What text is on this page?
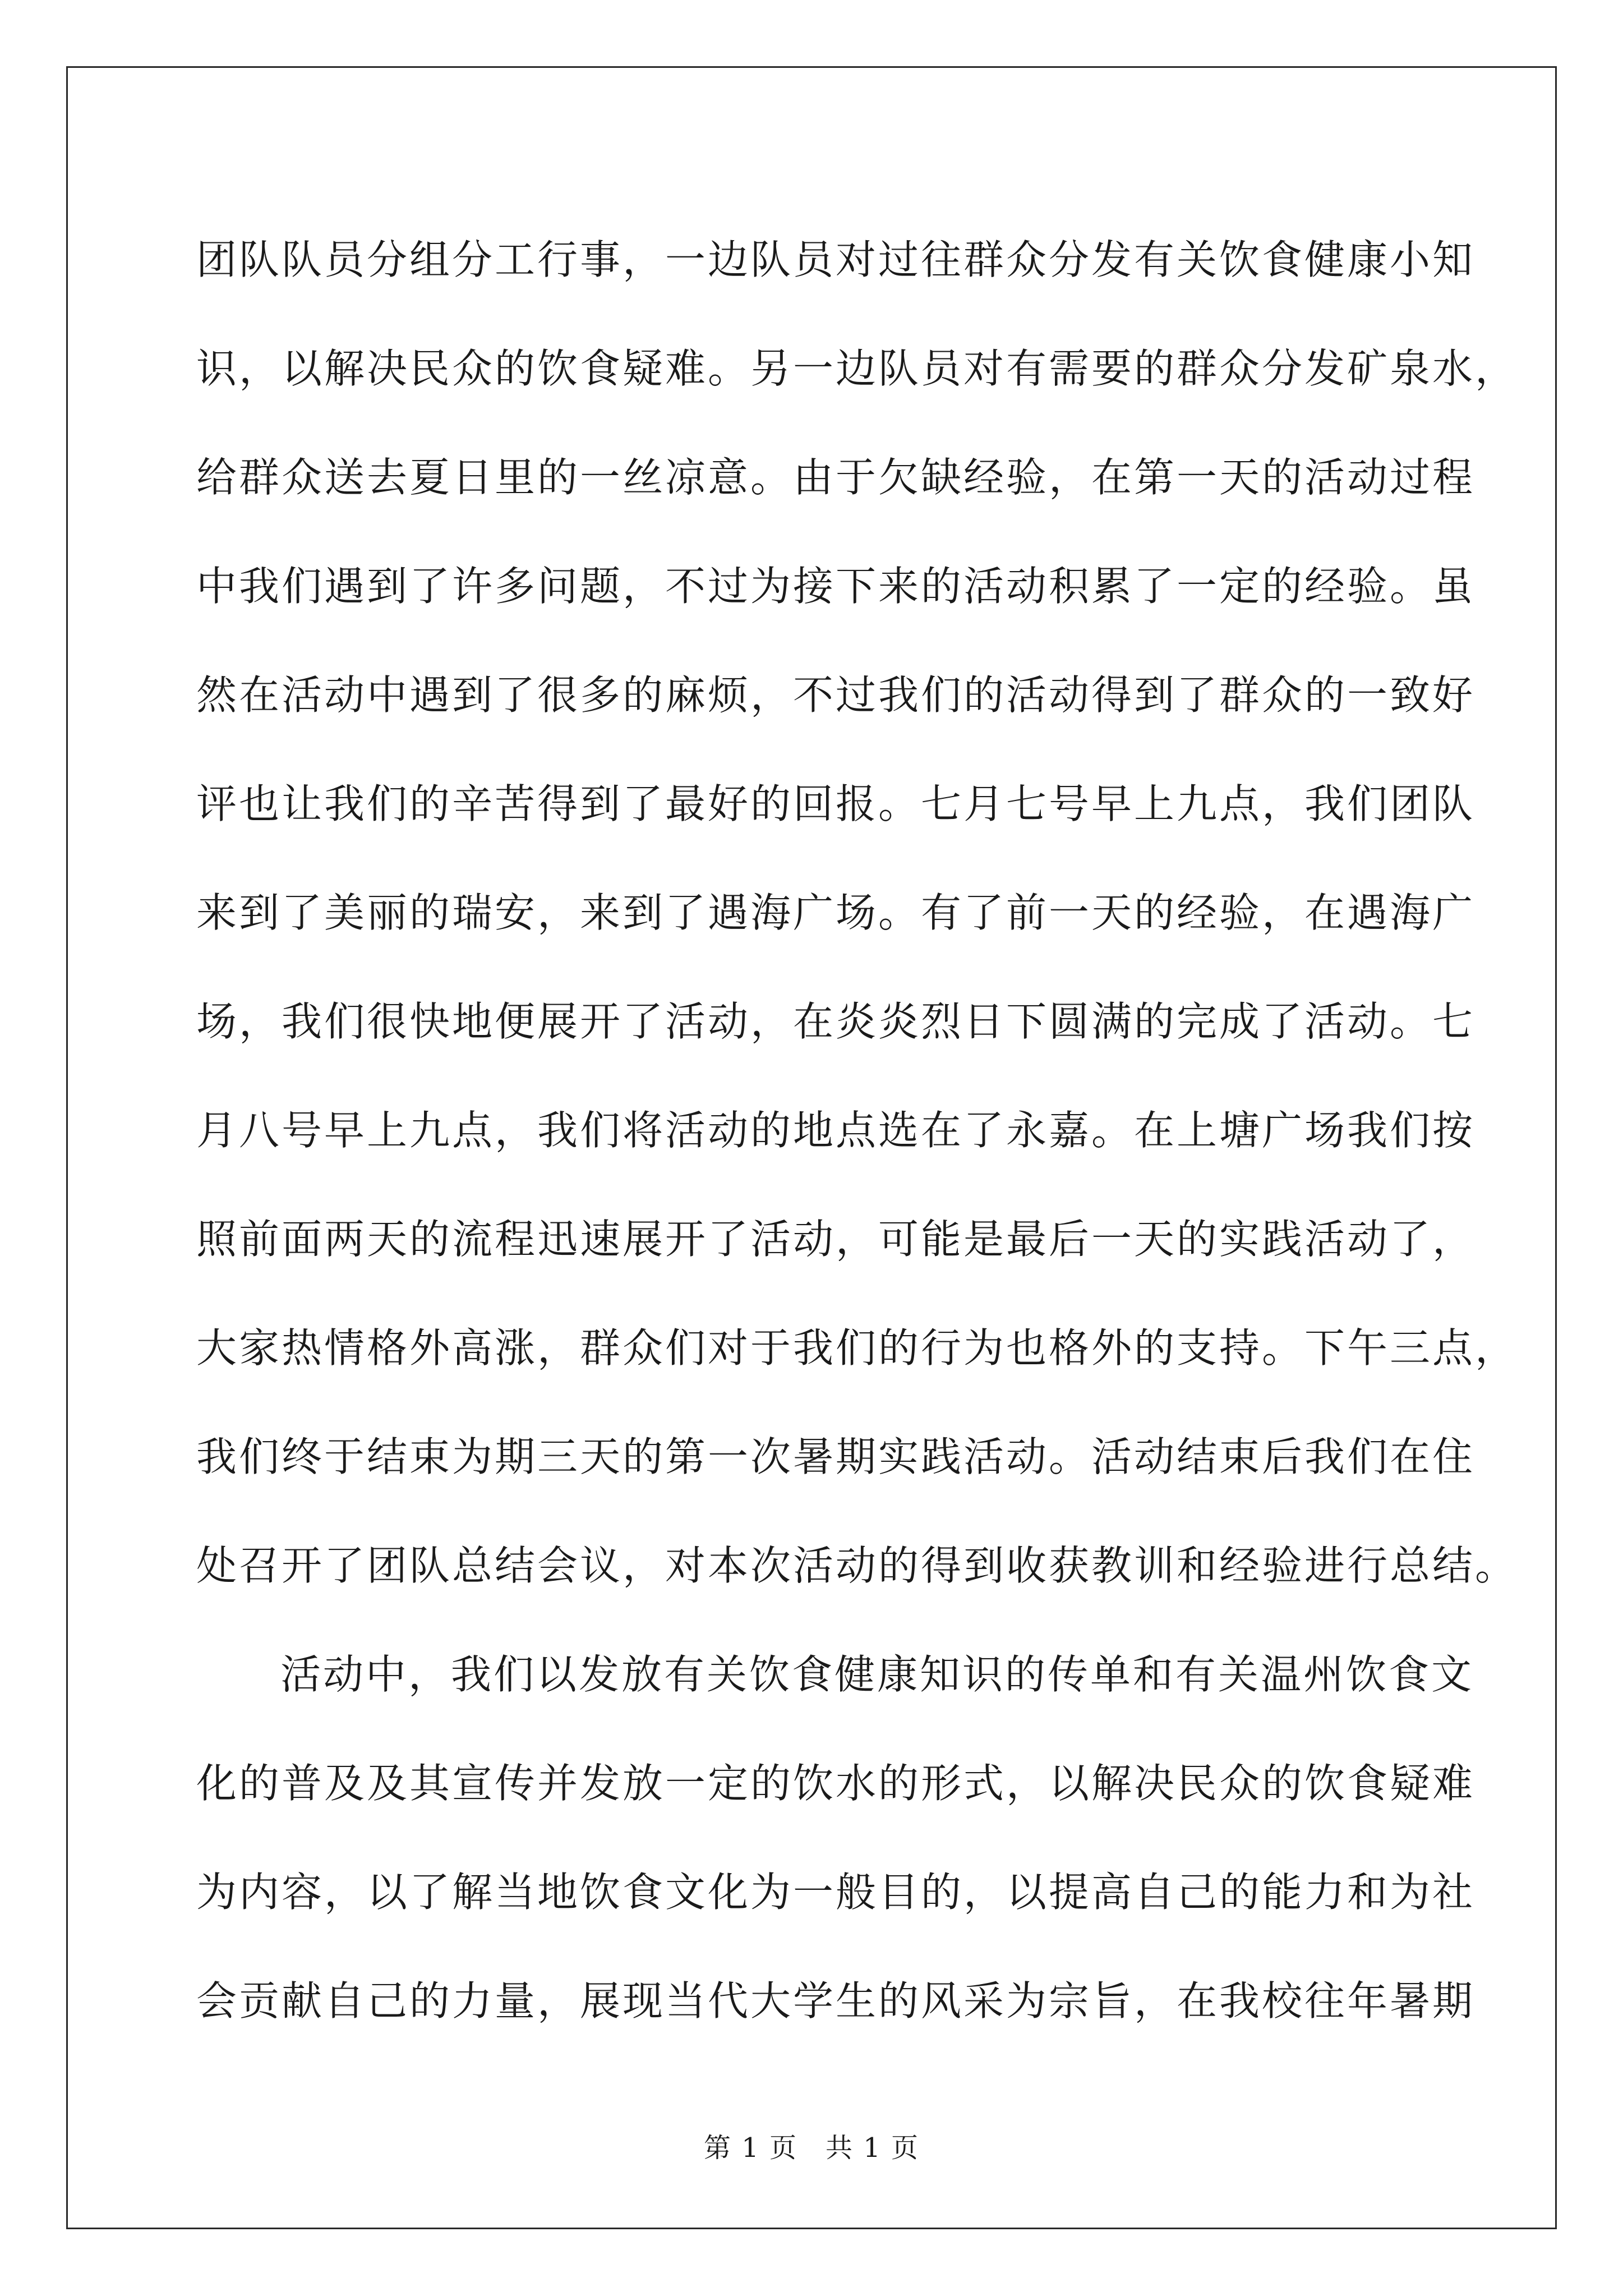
团队队员分组分工行事，一边队员对过往群众分发有关饮食健康小知
识，以解决民众的饮食疑难。另一边队员对有需要的群众分发矿泉水，
给群众送去夏日里的一丝凉意。由于欠缺经验，在第一天的活动过程
中我们遇到了许多问题，不过为接下来的活动积累了一定的经验。虽
然在活动中遇到了很多的麻烦，不过我们的活动得到了群众的一致好
评也让我们的辛苦得到了最好的回报。七月七号早上九点，我们团队
来到了美丽的瑞安，来到了遇海广场。有了前一天的经验，在遇海广
场，我们很快地便展开了活动，在炎炎烈日下圆满的完成了活动。七
月八号早上九点，我们将活动的地点选在了永嘉。在上塘广场我们按
照前面两天的流程迅速展开了活动，可能是最后一天的实践活动了，
大家热情格外高涨，群众们对于我们的行为也格外的支持。下午三点，
我们终于结束为期三天的第一次暑期实践活动。活动结束后我们在住
处召开了团队总结会议，对本次活动的得到收获教训和经验进行总结。
活动中，我们以发放有关饮食健康知识的传单和有关温州饮食文
化的普及及其宣传并发放一定的饮水的形式，以解决民众的饮食疑难
为内容，以了解当地饮食文化为一般目的，以提高自己的能力和为社
会贡献自己的力量，展现当代大学生的风采为宗旨，在我校往年暑期
第 1 页　共 1 页
